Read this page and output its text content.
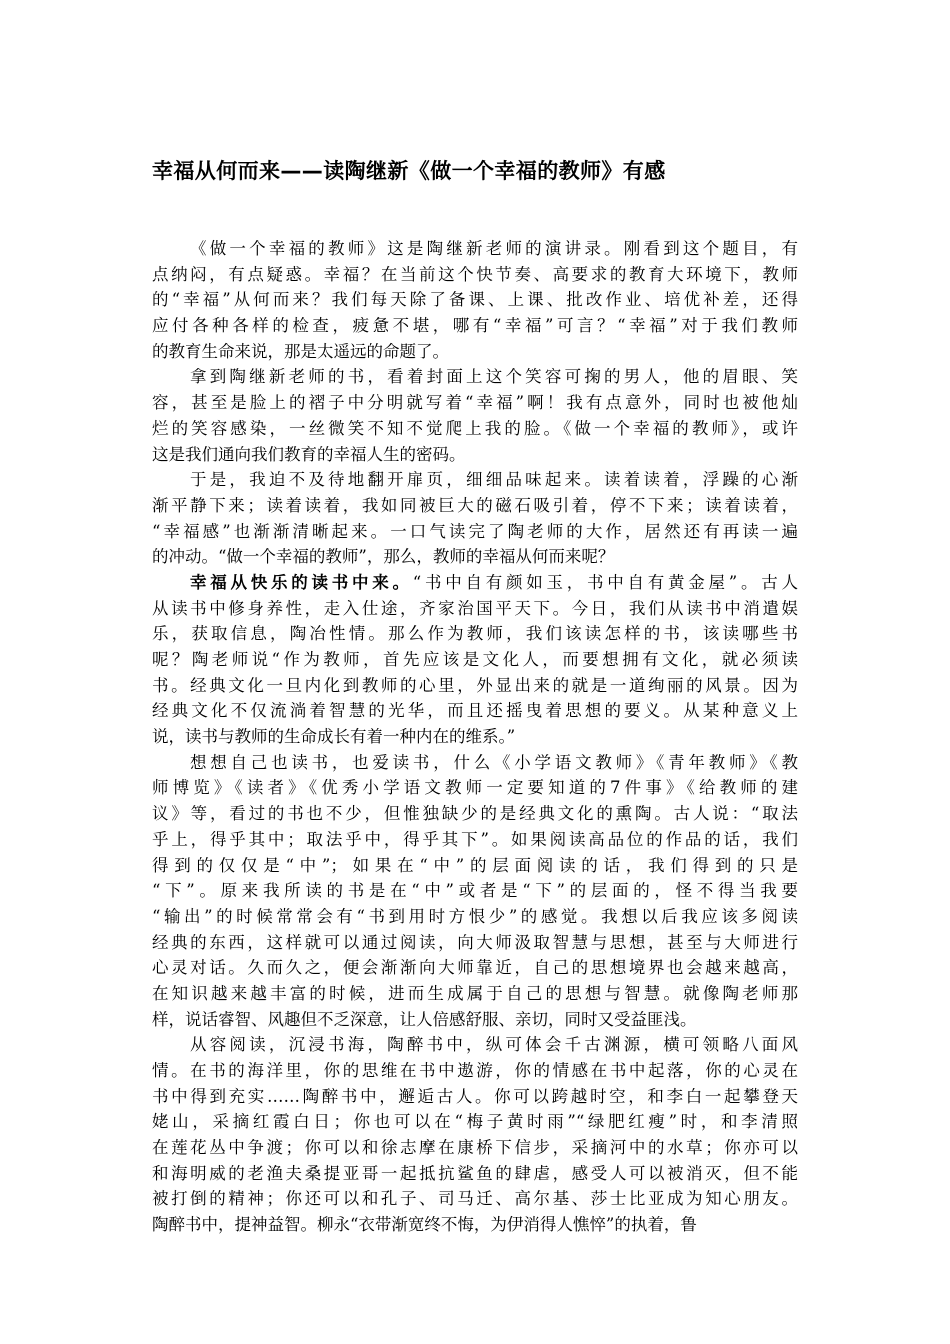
幸福从何而来——读陶继新《做一个幸福的教师》有感
《做一个幸福的教师》这是陶继新老师的演讲录。刚看到这个题目，有
点纳闷，有点疑惑。幸福？在当前这个快节奏、高要求的教育大环境下，教师
的“幸福”从何而来？我们每天除了备课、上课、批改作业、培优补差，还得
应付各种各样的检查，疲惫不堪，哪有“幸福”可言？“幸福”对于我们教师
的教育生命来说，那是太遥远的命题了。
拿到陶继新老师的书，看着封面上这个笑容可掬的男人，他的眉眼、笑
容，甚至是脸上的褶子中分明就写着“幸福”啊！我有点意外，同时也被他灿
烂的笑容感染，一丝微笑不知不觉爬上我的脸。《做一个幸福的教师》，或许
这是我们通向我们教育的幸福人生的密码。
于是，我迫不及待地翻开扉页，细细品味起来。读着读着，浮躁的心渐
渐平静下来；读着读着，我如同被巨大的磁石吸引着，停不下来；读着读着，
“幸福感”也渐渐清晰起来。一口气读完了陶老师的大作，居然还有再读一遍
的冲动。“做一个幸福的教师”，那么，教师的幸福从何而来呢？
幸福从快乐的读书中来。“书中自有颜如玉，书中自有黄金屋”。古人
从读书中修身养性，走入仕途，齐家治国平天下。今日，我们从读书中消遣娱
乐，获取信息，陶冶性情。那么作为教师，我们该读怎样的书，该读哪些书
呢？陶老师说“作为教师，首先应该是文化人，而要想拥有文化，就必须读
书。经典文化一旦内化到教师的心里，外显出来的就是一道绚丽的风景。因为
经典文化不仅流淌着智慧的光华，而且还摇曳着思想的要义。从某种意义上
说，读书与教师的生命成长有着一种内在的维系。”
想想自己也读书，也爱读书，什么《小学语文教师》《青年教师》《教
师博览》《读者》《优秀小学语文教师一定要知道的7件事》《给教师的建
议》等，看过的书也不少，但惟独缺少的是经典文化的熏陶。古人说：“取法
乎上，得乎其中；取法乎中，得乎其下”。如果阅读高品位的作品的话，我们
得到的仅仅是“中”；如果在“中”的层面阅读的话，我们得到的只是
“下”。原来我所读的书是在“中”或者是“下”的层面的，怪不得当我要
“输出”的时候常常会有“书到用时方恨少”的感觉。我想以后我应该多阅读
经典的东西，这样就可以通过阅读，向大师汲取智慧与思想，甚至与大师进行
心灵对话。久而久之，便会渐渐向大师靠近，自己的思想境界也会越来越高，
在知识越来越丰富的时候，进而生成属于自己的思想与智慧。就像陶老师那
样，说话睿智、风趣但不乏深意，让人倍感舒服、亲切，同时又受益匪浅。
从容阅读，沉浸书海，陶醉书中，纵可体会千古渊源，横可领略八面风
情。在书的海洋里，你的思维在书中遨游，你的情感在书中起落，你的心灵在
书中得到充实……陶醉书中，邂逅古人。你可以跨越时空，和李白一起攀登天
姥山，采摘红霞白日；你也可以在“梅子黄时雨”“绿肥红瘦”时，和李清照
在莲花丛中争渡；你可以和徐志摩在康桥下信步，采摘河中的水草；你亦可以
和海明威的老渔夫桑提亚哥一起抵抗鲨鱼的肆虐，感受人可以被消灭，但不能
被打倒的精神；你还可以和孔子、司马迁、高尔基、莎士比亚成为知心朋友。
陶醉书中，提神益智。柳永“衣带渐宽终不悔，为伊消得人憔悴”的执着，鲁
